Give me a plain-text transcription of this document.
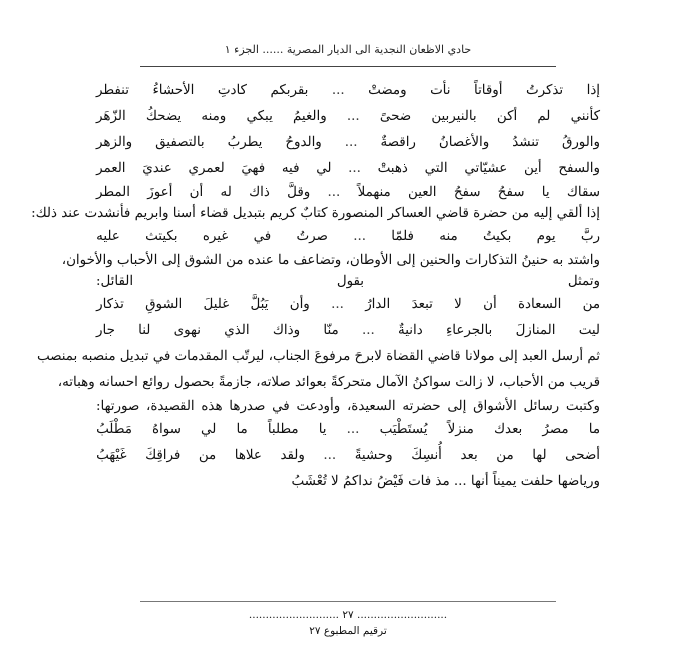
حادي الاظعان النجدية الى الديار المصرية ...... الجزء ١
إذا
تذكرتُ
أوقاتاً
نأت
ومضتْ
...
بقربكم
كادتِ
الأحشاءُ
تنفطر
كأنني
لم
أكن
بالنيربين
ضحىً
...
والغيمُ
يبكي
ومنه
يضحكُ
الزّهَر
والورقُ
تنشدُ
والأغصانُ
راقصةٌ
...
والدوحُ
يطربُ
بالتصفيق
والزهر
والسفح
أين
عشيّاتي
التي
ذهبتْ
...
لي
فيه
فهيَ
لعمري
عنديَ
العمر
سقاك
يا
سفحُ
سفحُ
العين
منهملاً
...
وقلَّ
ذاك
له
أن
أعوزَ
المطر
إذا ألقي إليه من حضرة قاضي العساكر المنصورة كتابٌ كريم بتبديل قضاء أسنا وابريم فأنشدت عند ذلك:
ربَّ
يوم
بكيتُ
منه
فلمّا
...
صرتُ
في
غيره
بكيتث
عليه
واشتد به حنينُ التذكارات والحنين إلى الأوطان، وتضاعف ما عنده من الشوق إلى الأحباب والأخوان،
وتمثل
بقول
القائل:
من
السعادة
أن
لا
تبعدَ
الدارُ
...
وأن
يَبُلَّ
غليلَ
الشوقِ
تذكار
ليت
المنازلَ
بالجرعاءِ
دانيةٌ
...
منّا
وذاك
الذي
نهوى
لنا
جار
ثم أرسل العبد إلى مولانا قاضي القضاة لابرحَ مرفوعَ الجناب، ليرتّب المقدمات في تبديل منصبه بمنصب
قريب من الأحباب، لا زالت سواكنُ الآمال متحركةً بعوائد صلاته، جازمةً بحصول روائع احسانه وهباته،
وكتبت رسائل الأشواق إلى حضرته السعيدة، وأودعت في صدرها هذه القصيدة، صورتها:
ما
مصرُ
بعدك
منزلاً
يُستَطْيَب
...
يا
مطلباً
ما
لي
سواهُ
مَطْلَبُ
أضحى
لها
من
بعد
أُنسِكَ
وحشيةً
...
ولقد
علاها
من
فراقِكَ
غَيْهَبُ
ورياضها حلفت يميناً أنها ... مذ فات فَيْضُ نداكمُ لا تُعْشَبُ
........................... ٢٧ ...........................
ترقيم المطبوع ٢٧
